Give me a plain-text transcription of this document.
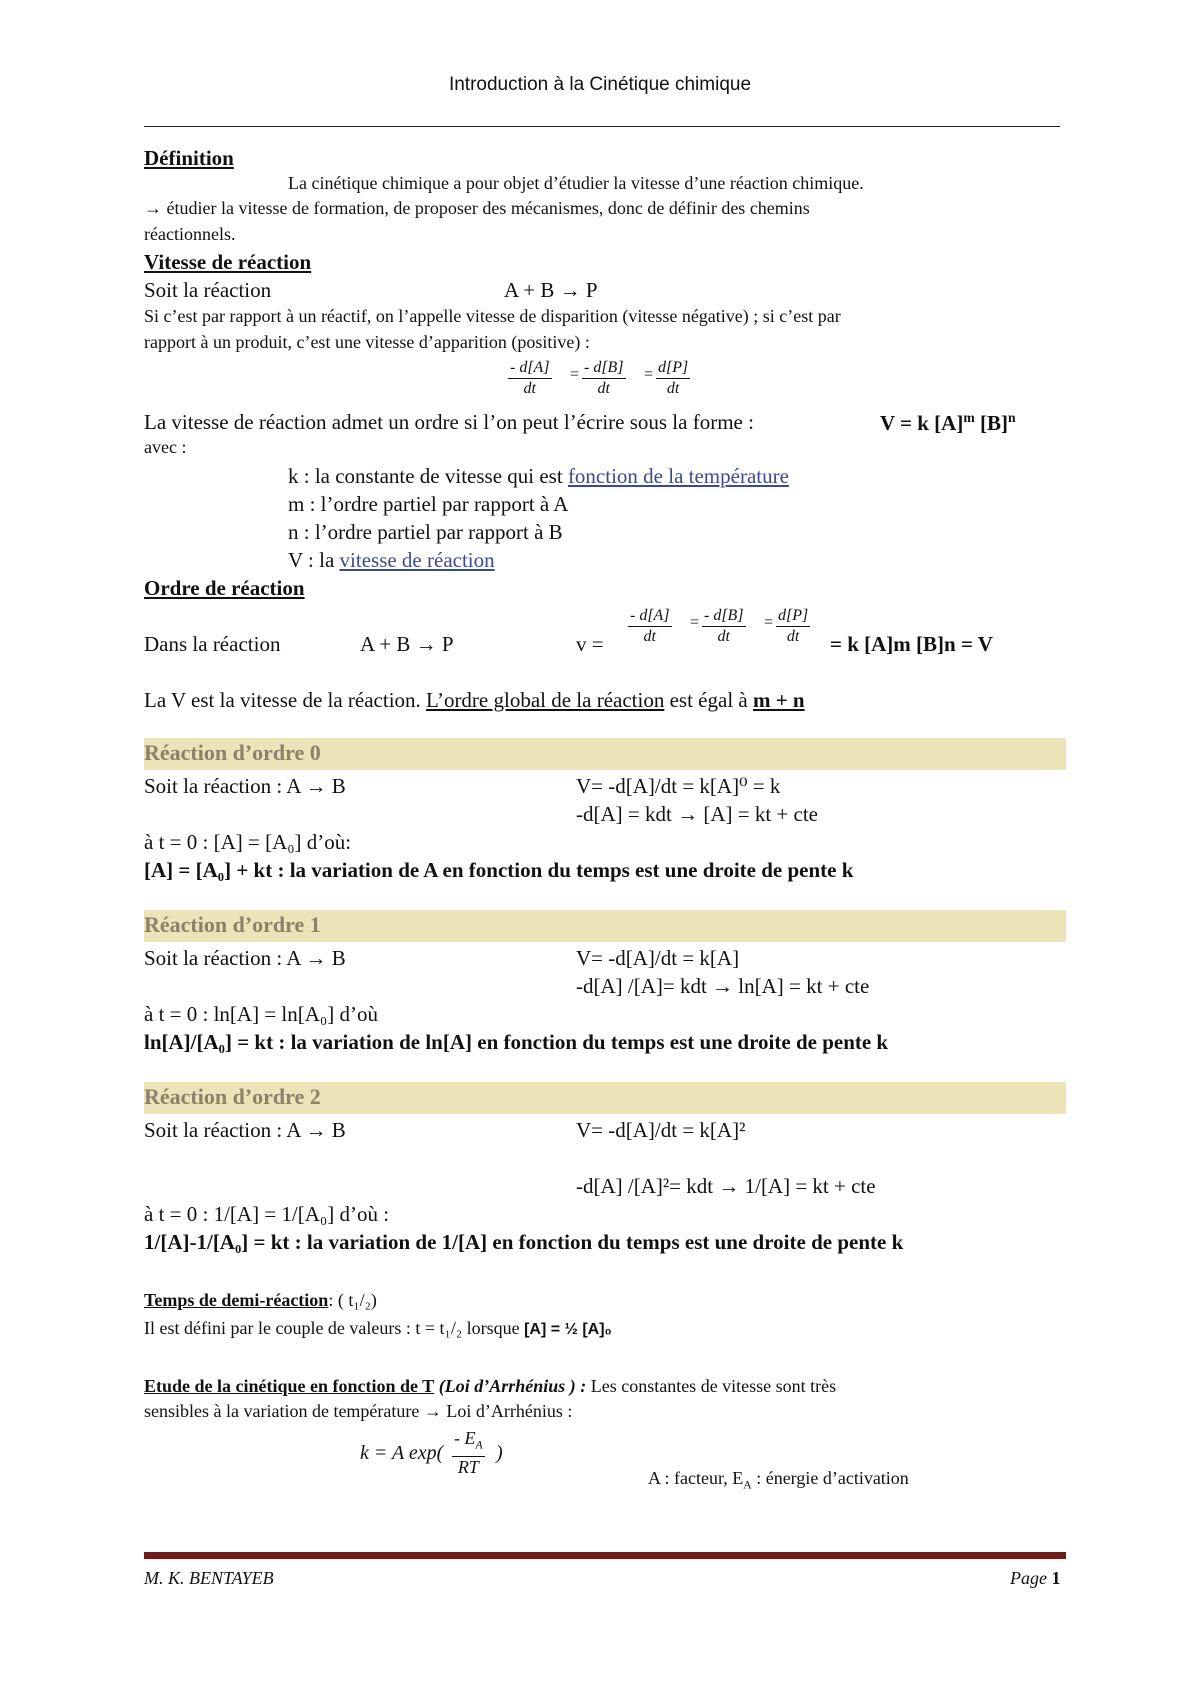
Introduction à la Cinétique chimique
Définition
La cinétique chimique a pour objet d’étudier la vitesse d’une réaction chimique.
→ étudier la vitesse de formation, de proposer des mécanismes, donc de définir des chemins
réactionnels.
Vitesse de réaction
Soit la réaction	A + B → P
Si c’est par rapport à un réactif, on l’appelle vitesse de disparition (vitesse négative) ; si c’est par
rapport à un produit, c’est une vitesse d’apparition (positive) :
$\frac{- d[A]}{dt} = \frac{- d[B]}{dt} = \frac{d[P]}{dt}$
La vitesse de réaction admet un ordre si l’on peut l’écrire sous la forme :	V = k $[A]^m$ $[B]^n$
avec :
k : la constante de vitesse qui est fonction de la température
m : l’ordre partiel par rapport à A
n : l’ordre partiel par rapport à B
V : la vitesse de réaction
Ordre de réaction
$\frac{- d[A]}{dt} = \frac{- d[B]}{dt} = \frac{d[P]}{dt}$
Dans la réaction	A + B → P	v =	= k [A]m [B]n = V
La V est la vitesse de la réaction. L’ordre global de la réaction est égal à m + n
Réaction d’ordre 0
Soit la réaction : A → B	V= -d[A]/dt = k[A]⁰ = k
-d[A] = kdt → [A] = kt + cte
à t = 0 : [A] = [A₀] d’où:
[A] = [A₀] + kt : la variation de A en fonction du temps est une droite de pente k
Réaction d’ordre 1
Soit la réaction : A → B	V= -d[A]/dt = k[A]
-d[A] /[A]= kdt → ln[A] = kt + cte
à t = 0 : ln[A] = ln[A₀] d’où
ln[A]/[A₀] = kt : la variation de ln[A] en fonction du temps est une droite de pente k
Réaction d’ordre 2
Soit la réaction : A → B	V= -d[A]/dt = k[A]²
-d[A] /[A]²= kdt → 1/[A] = kt + cte
à t = 0 : 1/[A] = 1/[A₀] d’où :
1/[A]-1/[A₀] = kt : la variation de 1/[A] en fonction du temps est une droite de pente k
Temps de demi-réaction: ( t₁/₂)
Il est défini par le couple de valeurs : t = t₁/₂ lorsque [A] = ½ [A]₀
Etude de la cinétique en fonction de T (Loi d’Arrhénius ) : Les constantes de vitesse sont très
sensibles à la variation de température → Loi d’Arrhénius :
k = A $\exp( \frac{- E_A}{RT}$ )
A : facteur, $E_A$ : énergie d’activation
M. K. BENTAYEB	Page 1
